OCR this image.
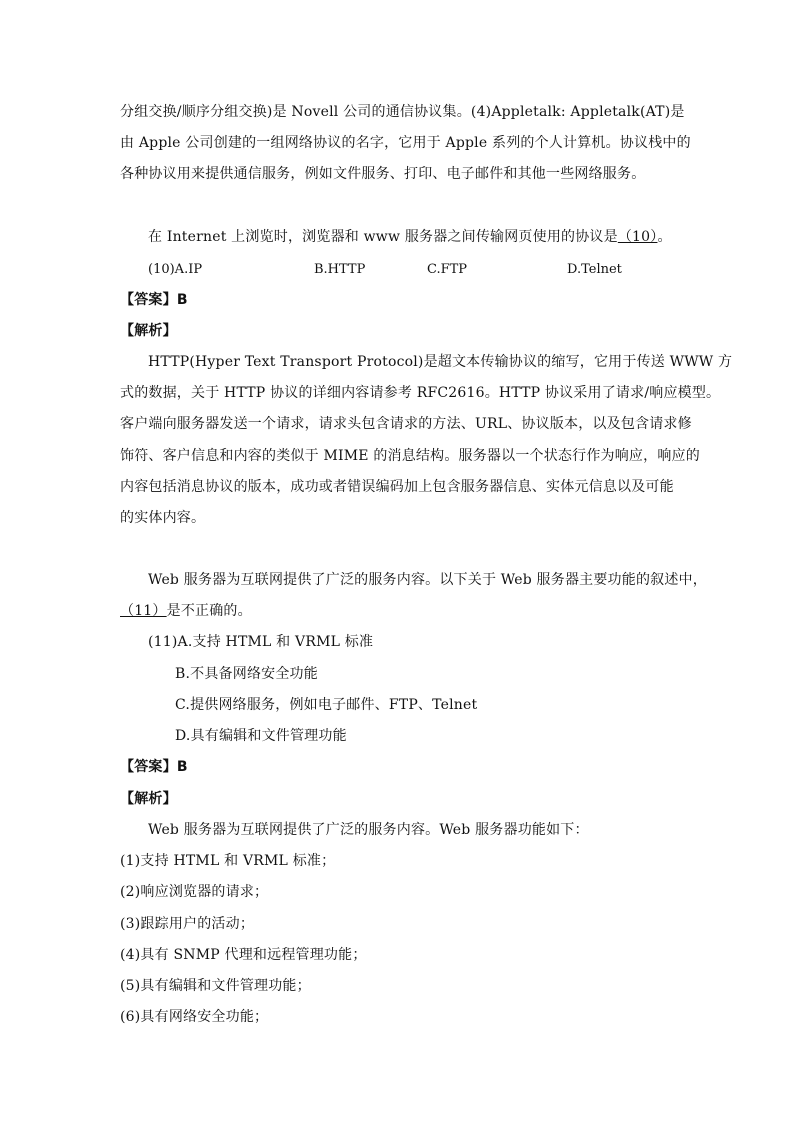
分组交换/顺序分组交换)是 Novell 公司的通信协议集。(4)Appletalk: Appletalk(AT)是
由 Apple 公司创建的一组网络协议的名字，它用于 Apple 系列的个人计算机。协议栈中的
各种协议用来提供通信服务，例如文件服务、打印、电子邮件和其他一些网络服务。
在 Internet 上浏览时，浏览器和 www 服务器之间传输网页使用的协议是（10）。
(10)A.IP	B.HTTP	C.FTP	D.Telnet
【答案】B
【解析】
HTTP(Hyper Text Transport Protocol)是超文本传输协议的缩写，它用于传送 WWW 方
式的数据，关于 HTTP 协议的详细内容请参考 RFC2616。HTTP 协议采用了请求/响应模型。
客户端向服务器发送一个请求，请求头包含请求的方法、URL、协议版本，以及包含请求修
饰符、客户信息和内容的类似于 MIME 的消息结构。服务器以一个状态行作为响应，响应的
内容包括消息协议的版本，成功或者错误编码加上包含服务器信息、实体元信息以及可能
的实体内容。
Web 服务器为互联网提供了广泛的服务内容。以下关于 Web 服务器主要功能的叙述中，
（11）是不正确的。
(11)A.支持 HTML 和 VRML 标准
B.不具备网络安全功能
C.提供网络服务，例如电子邮件、FTP、Telnet
D.具有编辑和文件管理功能
【答案】B
【解析】
Web 服务器为互联网提供了广泛的服务内容。Web 服务器功能如下：
(1)支持 HTML 和 VRML 标准；
(2)响应浏览器的请求；
(3)跟踪用户的活动；
(4)具有 SNMP 代理和远程管理功能；
(5)具有编辑和文件管理功能；
(6)具有网络安全功能；
